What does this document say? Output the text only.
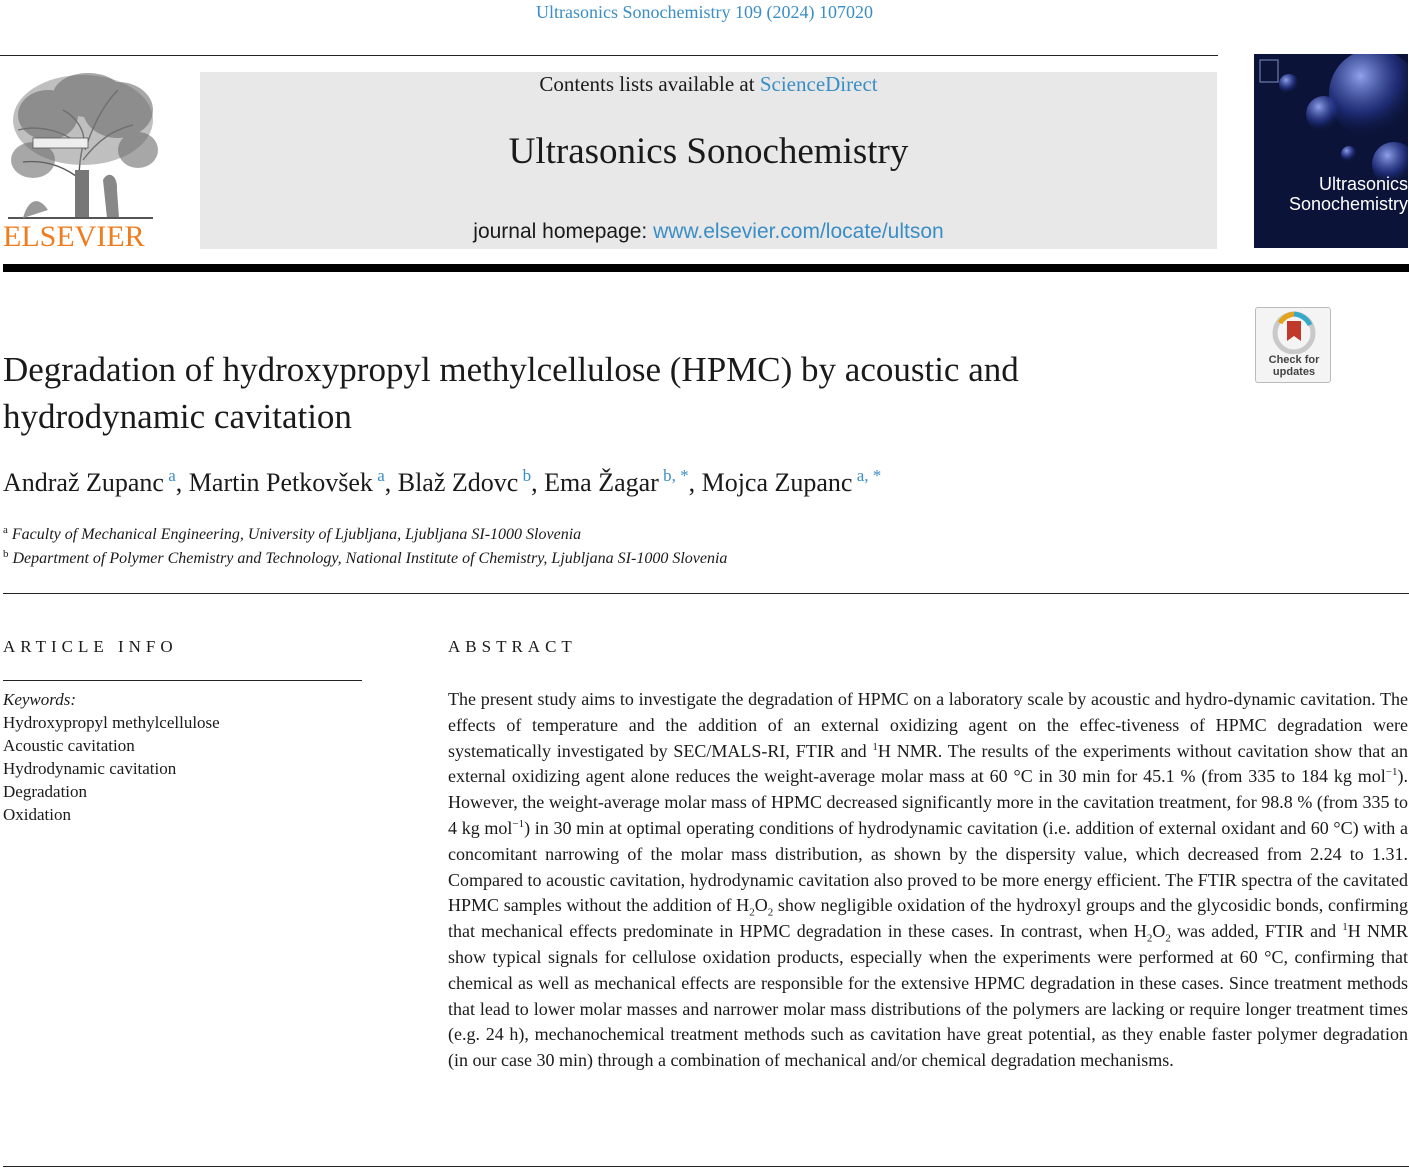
Ultrasonics Sonochemistry 109 (2024) 107020
ELSEVIER
Contents lists available at ScienceDirect
Ultrasonics Sonochemistry
journal homepage: www.elsevier.com/locate/ultson
Ultrasonics
Sonochemistry
Check for
updates
Degradation of hydroxypropyl methylcellulose (HPMC) by acoustic and hydrodynamic cavitation
Andraž Zupanc $^a$, Martin Petkovšek $^a$, Blaž Zdovc $^b$, Ema Žagar $^{b, *}$, Mojca Zupanc $^{a, *}$
$^a$ Faculty of Mechanical Engineering, University of Ljubljana, Ljubljana SI-1000 Slovenia
$^b$ Department of Polymer Chemistry and Technology, National Institute of Chemistry, Ljubljana SI-1000 Slovenia
ARTICLE INFO
Keywords:
Hydroxypropyl methylcellulose
Acoustic cavitation
Hydrodynamic cavitation
Degradation
Oxidation
ABSTRACT
The present study aims to investigate the degradation of HPMC on a laboratory scale by acoustic and hydro-dynamic cavitation. The effects of temperature and the addition of an external oxidizing agent on the effec-tiveness of HPMC degradation were systematically investigated by SEC/MALS-RI, FTIR and $^1$H NMR. The results of the experiments without cavitation show that an external oxidizing agent alone reduces the weight-average molar mass at 60 °C in 30 min for 45.1 % (from 335 to 184 kg mol$^{-1}$). However, the weight-average molar mass of HPMC decreased significantly more in the cavitation treatment, for 98.8 % (from 335 to 4 kg mol$^{-1}$) in 30 min at optimal operating conditions of hydrodynamic cavitation (i.e. addition of external oxidant and 60 °C) with a concomitant narrowing of the molar mass distribution, as shown by the dispersity value, which decreased from 2.24 to 1.31. Compared to acoustic cavitation, hydrodynamic cavitation also proved to be more energy efficient. The FTIR spectra of the cavitated HPMC samples without the addition of $H_2O_2$ show negligible oxidation of the hydroxyl groups and the glycosidic bonds, confirming that mechanical effects predominate in HPMC degradation in these cases. In contrast, when $H_2O_2$ was added, FTIR and $^1$H NMR show typical signals for cellulose oxidation products, especially when the experiments were performed at 60 °C, confirming that chemical as well as mechanical effects are responsible for the extensive HPMC degradation in these cases. Since treatment methods that lead to lower molar masses and narrower molar mass distributions of the polymers are lacking or require longer treatment times (e.g. 24 h), mechanochemical treatment methods such as cavitation have great potential, as they enable faster polymer degradation (in our case 30 min) through a combination of mechanical and/or chemical degradation mechanisms.
